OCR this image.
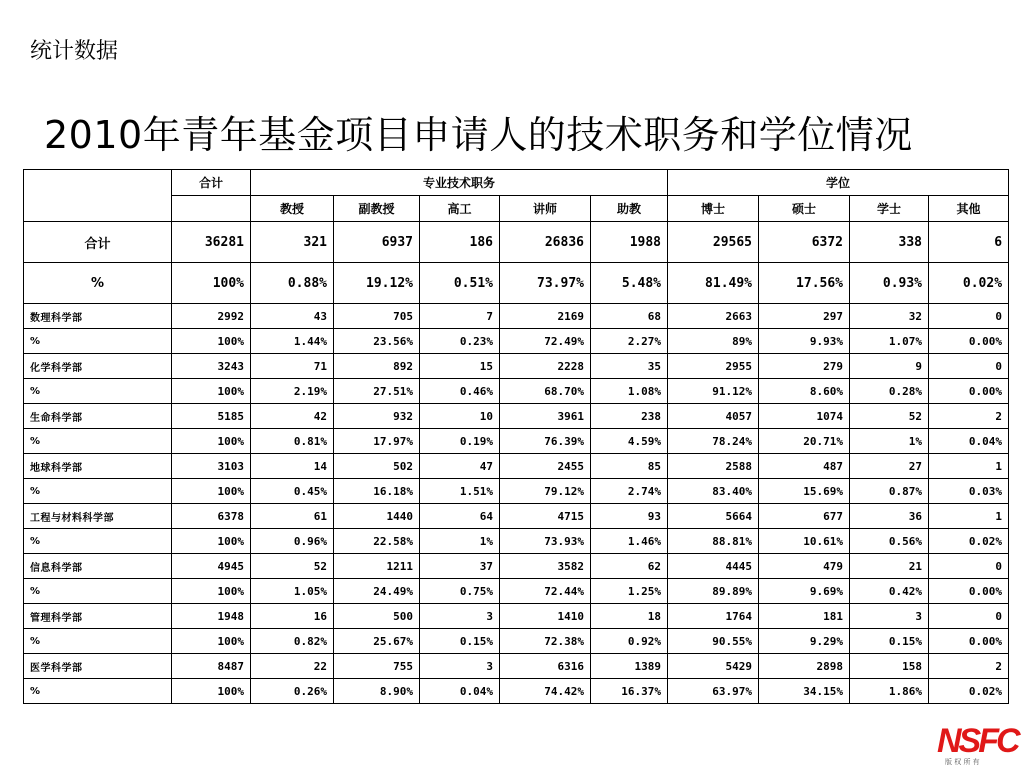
统计数据
2010年青年基金项目申请人的技术职务和学位情况
	合计	专业技术职务					学位			
		教授	副教授	高工	讲师	助教	博士	硕士	学士	其他
合计	36281	321	6937	186	26836	1988	29565	6372	338	6
%	100%	0.88%	19.12%	0.51%	73.97%	5.48%	81.49%	17.56%	0.93%	0.02%
数理科学部	2992	43	705	7	2169	68	2663	297	32	0
%	100%	1.44%	23.56%	0.23%	72.49%	2.27%	89%	9.93%	1.07%	0.00%
化学科学部	3243	71	892	15	2228	35	2955	279	9	0
%	100%	2.19%	27.51%	0.46%	68.70%	1.08%	91.12%	8.60%	0.28%	0.00%
生命科学部	5185	42	932	10	3961	238	4057	1074	52	2
%	100%	0.81%	17.97%	0.19%	76.39%	4.59%	78.24%	20.71%	1%	0.04%
地球科学部	3103	14	502	47	2455	85	2588	487	27	1
%	100%	0.45%	16.18%	1.51%	79.12%	2.74%	83.40%	15.69%	0.87%	0.03%
工程与材料科学部	6378	61	1440	64	4715	93	5664	677	36	1
%	100%	0.96%	22.58%	1%	73.93%	1.46%	88.81%	10.61%	0.56%	0.02%
信息科学部	4945	52	1211	37	3582	62	4445	479	21	0
%	100%	1.05%	24.49%	0.75%	72.44%	1.25%	89.89%	9.69%	0.42%	0.00%
管理科学部	1948	16	500	3	1410	18	1764	181	3	0
%	100%	0.82%	25.67%	0.15%	72.38%	0.92%	90.55%	9.29%	0.15%	0.00%
医学科学部	8487	22	755	3	6316	1389	5429	2898	158	2
%	100%	0.26%	8.90%	0.04%	74.42%	16.37%	63.97%	34.15%	1.86%	0.02%
NSFC
版 权 所 有
